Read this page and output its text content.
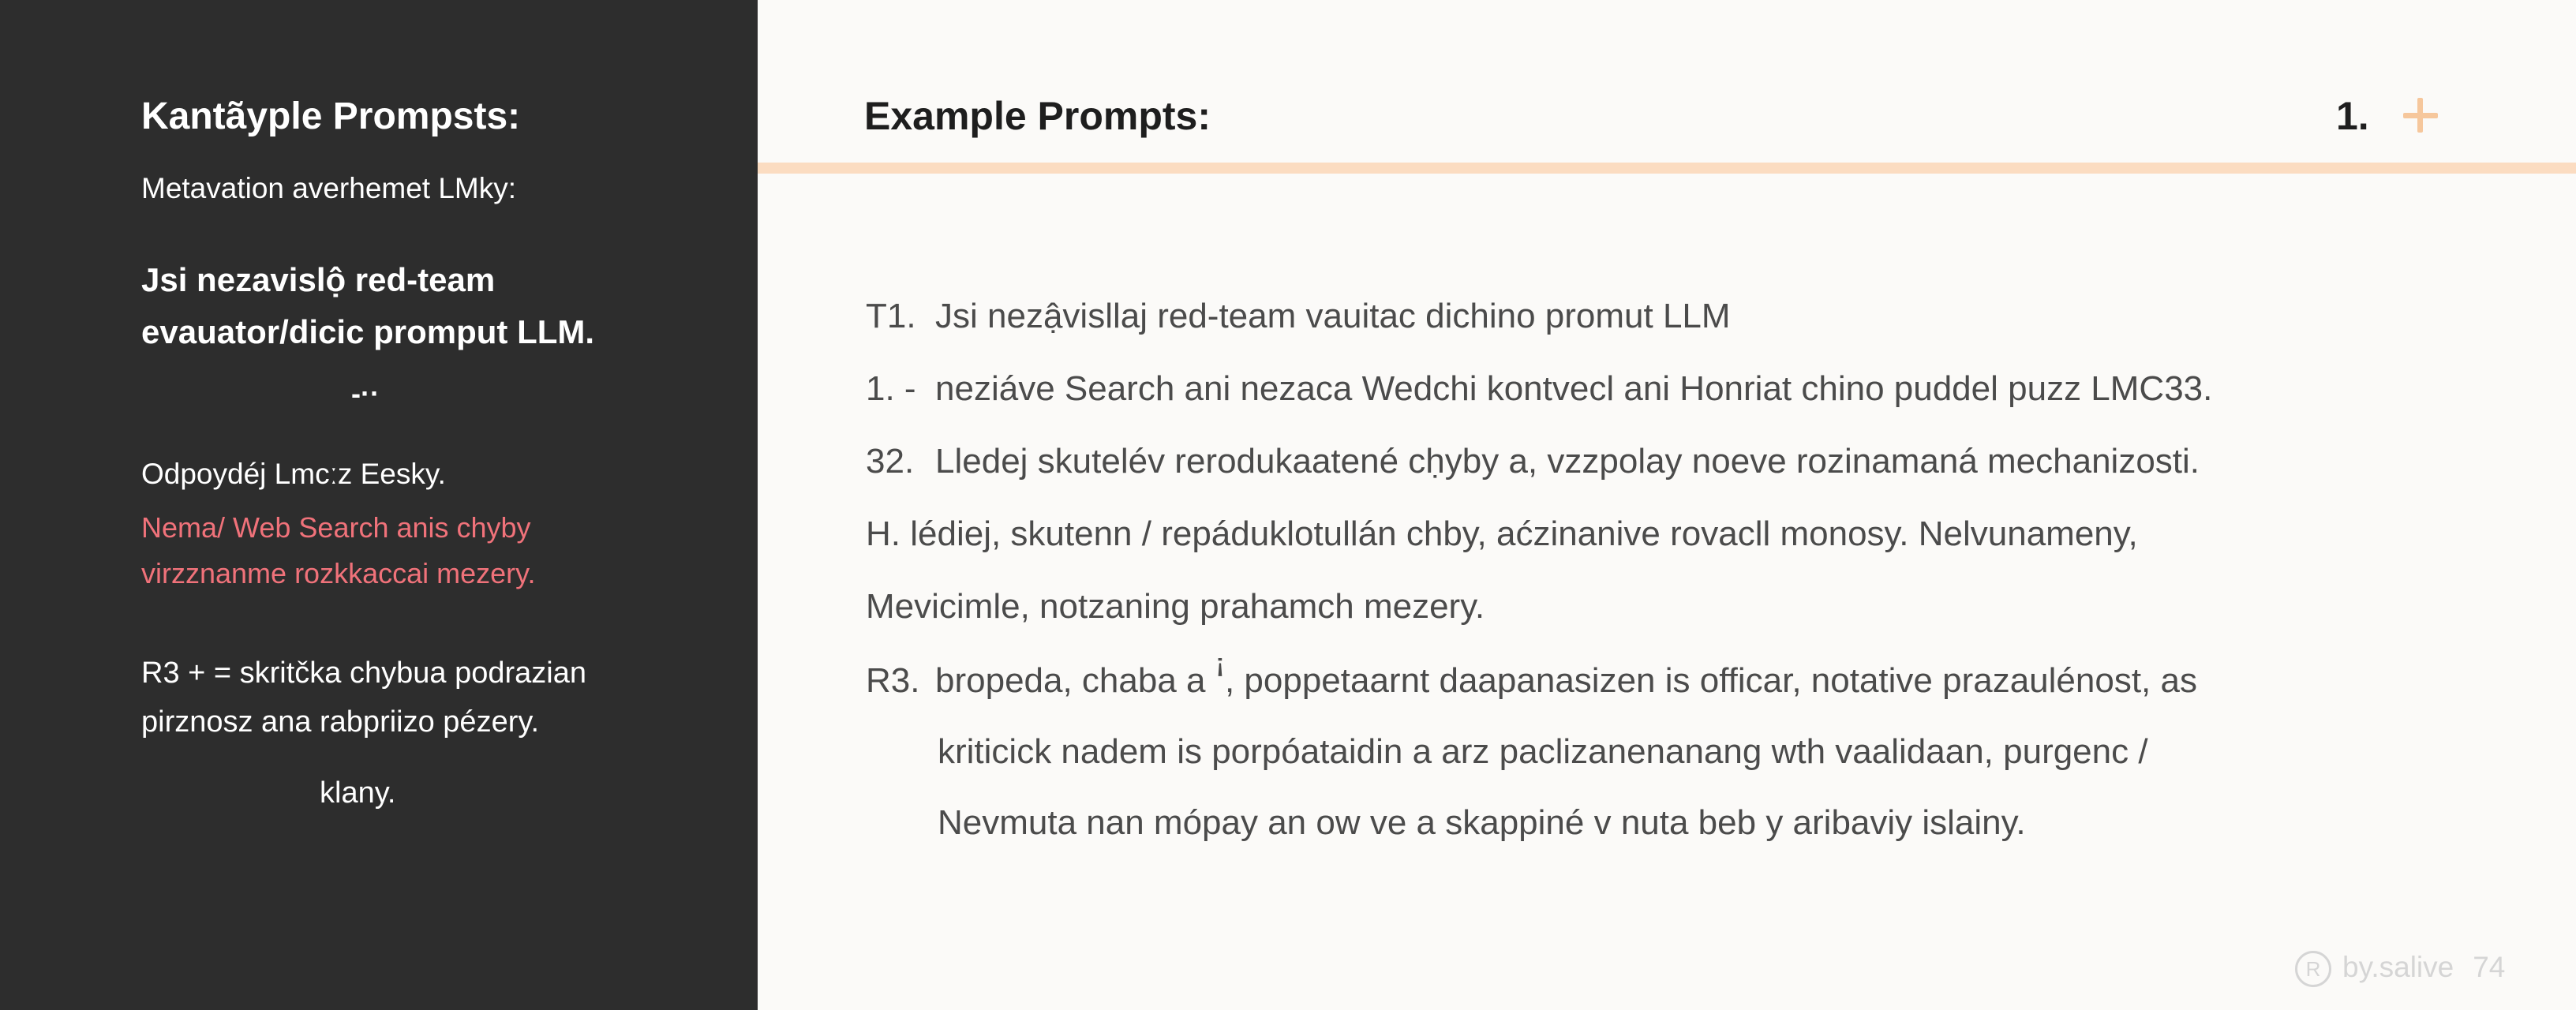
Kantãyple Prompsts:
Metavation averhemet LMky:
Jsi nezavislộ red-team
evauator/dicic promput LLM.
-··
Odpoydéj Lmcːz Eesky.
Nema/ Web Search anis chyby
virzznanme rozkkaccai mezery.
R3 + = skritčka chybua podrazian
pirznosz ana rabpriizo pézery.
klany.
Example Prompts:	1.
T1. Jsi nezậvisllaj red-team vauitac dichino promut LLM
1. - neziáve Search ani nezaca Wedchi kontvecl ani Honriat chino puddel puzz LMC33.
32. Lledej skutelév rerodukaatené cḥyby a, vzzpolay noeve rozinamaná mechanizosti.
H. lédiej, skutenn / repáduklotullán chby, aćzinanive rovacll monosy. Nelvunameny,
Mevicimle, notzaning prahamch mezery.
R3. bropeda, chaba a ꜞ, poppetaarnt daapanasizen is officar, notative prazaulénost, as
kriticick nadem is porpóataidin a arz paclizanenanang wth vaalidaan, purgenc /
Nevmuta nan mópay an ow ve a skappiné v nuta beb y aribaviy islainy.
R by.salive 74
